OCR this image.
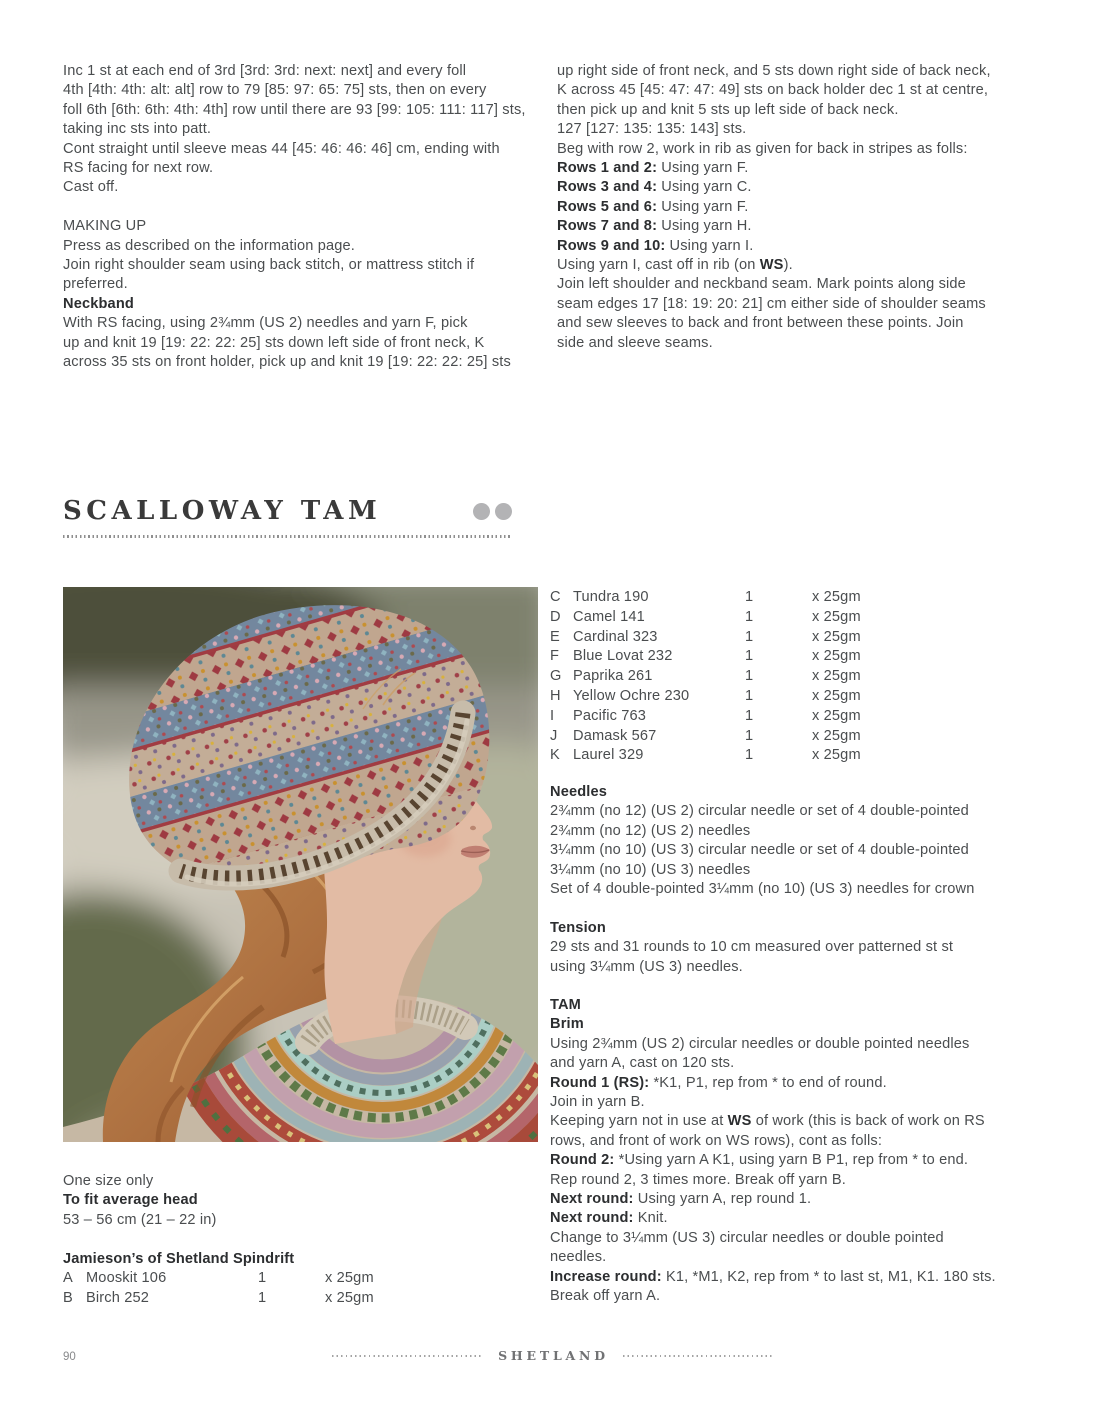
Inc 1 st at each end of 3rd [3rd: 3rd: next: next] and every foll
4th [4th: 4th: alt: alt] row to 79 [85: 97: 65: 75] sts, then on every
foll 6th [6th: 6th: 4th: 4th] row until there are 93 [99: 105: 111: 117] sts,
taking inc sts into patt.
Cont straight until sleeve meas 44 [45: 46: 46: 46] cm, ending with
RS facing for next row.
Cast off.

MAKING UP
Press as described on the information page.
Join right shoulder seam using back stitch, or mattress stitch if
preferred.
Neckband
With RS facing, using 2¾mm (US 2) needles and yarn F, pick
up and knit 19 [19: 22: 22: 25] sts down left side of front neck, K
across 35 sts on front holder, pick up and knit 19 [19: 22: 22: 25] sts
up right side of front neck, and 5 sts down right side of back neck,
K across 45 [45: 47: 47: 49] sts on back holder dec 1 st at centre,
then pick up and knit 5 sts up left side of back neck.
127 [127: 135: 135: 143] sts.
Beg with row 2, work in rib as given for back in stripes as folls:
Rows 1 and 2: Using yarn F.
Rows 3 and 4: Using yarn C.
Rows 5 and 6: Using yarn F.
Rows 7 and 8: Using yarn H.
Rows 9 and 10: Using yarn I.
Using yarn I, cast off in rib (on WS).
Join left shoulder and neckband seam. Mark points along side
seam edges 17 [18: 19: 20: 21] cm either side of shoulder seams
and sew sleeves to back and front between these points. Join
side and sleeve seams.
SCALLOWAY TAM
One size only
To fit average head
53 – 56 cm (21 – 22 in)

Jamieson’s of Shetland Spindrift
A Mooskit 106	1	x 25gm
B Birch 252	1	x 25gm
C Tundra 190	1	x 25gm
D Camel 141	1	x 25gm
E Cardinal 323	1	x 25gm
F Blue Lovat 232	1	x 25gm
G Paprika 261	1	x 25gm
H Yellow Ochre 230	1	x 25gm
I Pacific 763	1	x 25gm
J Damask 567	1	x 25gm
K Laurel 329	1	x 25gm
Needles
2¾mm (no 12) (US 2) circular needle or set of 4 double-pointed
2¾mm (no 12) (US 2) needles
3¼mm (no 10) (US 3) circular needle or set of 4 double-pointed
3¼mm (no 10) (US 3) needles
Set of 4 double-pointed 3¼mm (no 10) (US 3) needles for crown
Tension
29 sts and 31 rounds to 10 cm measured over patterned st st
using 3¼mm (US 3) needles.
TAM
Brim
Using 2¾mm (US 2) circular needles or double pointed needles
and yarn A, cast on 120 sts.
Round 1 (RS): *K1, P1, rep from * to end of round.
Join in yarn B.
Keeping yarn not in use at WS of work (this is back of work on RS
rows, and front of work on WS rows), cont as folls:
Round 2: *Using yarn A K1, using yarn B P1, rep from * to end.
Rep round 2, 3 times more. Break off yarn B.
Next round: Using yarn A, rep round 1.
Next round: Knit.
Change to 3¼mm (US 3) circular needles or double pointed
needles.
Increase round: K1, *M1, K2, rep from * to last st, M1, K1. 180 sts.
Break off yarn A.
90	SHETLAND
